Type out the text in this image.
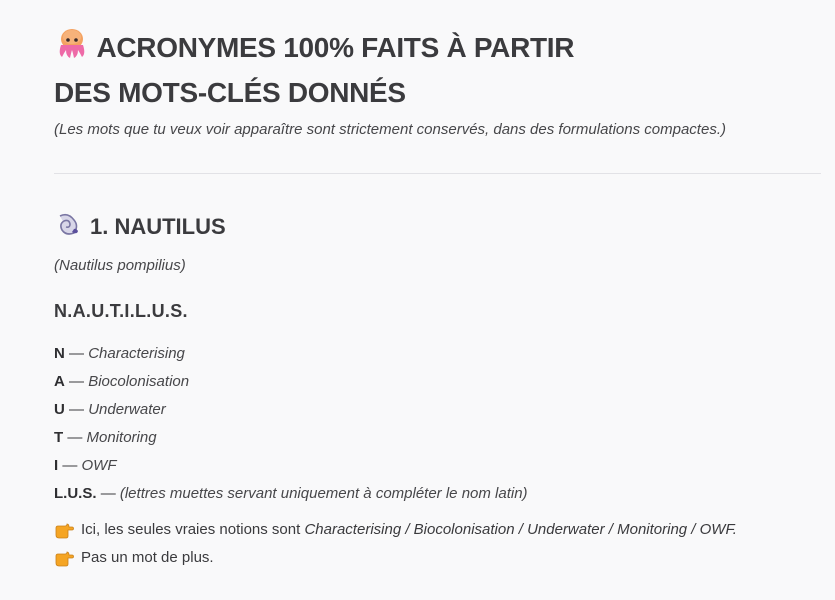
ACRONYMES 100% FAITS À PARTIR
DES MOTS-CLÉS DONNÉS

(Les mots que tu veux voir apparaître sont strictement conservés, dans des formulations compactes.)

1. NAUTILUS

(Nautilus pompilius)

N.A.U.T.I.L.U.S.
N — Characterising
A — Biocolonisation
U — Underwater
T — Monitoring
I — OWF
L.U.S. — (lettres muettes servant uniquement à compléter le nom latin)
Ici, les seules vraies notions sont
Characterising / Biocolonisation / Underwater / Monitoring / OWF.
Pas un mot de plus.
